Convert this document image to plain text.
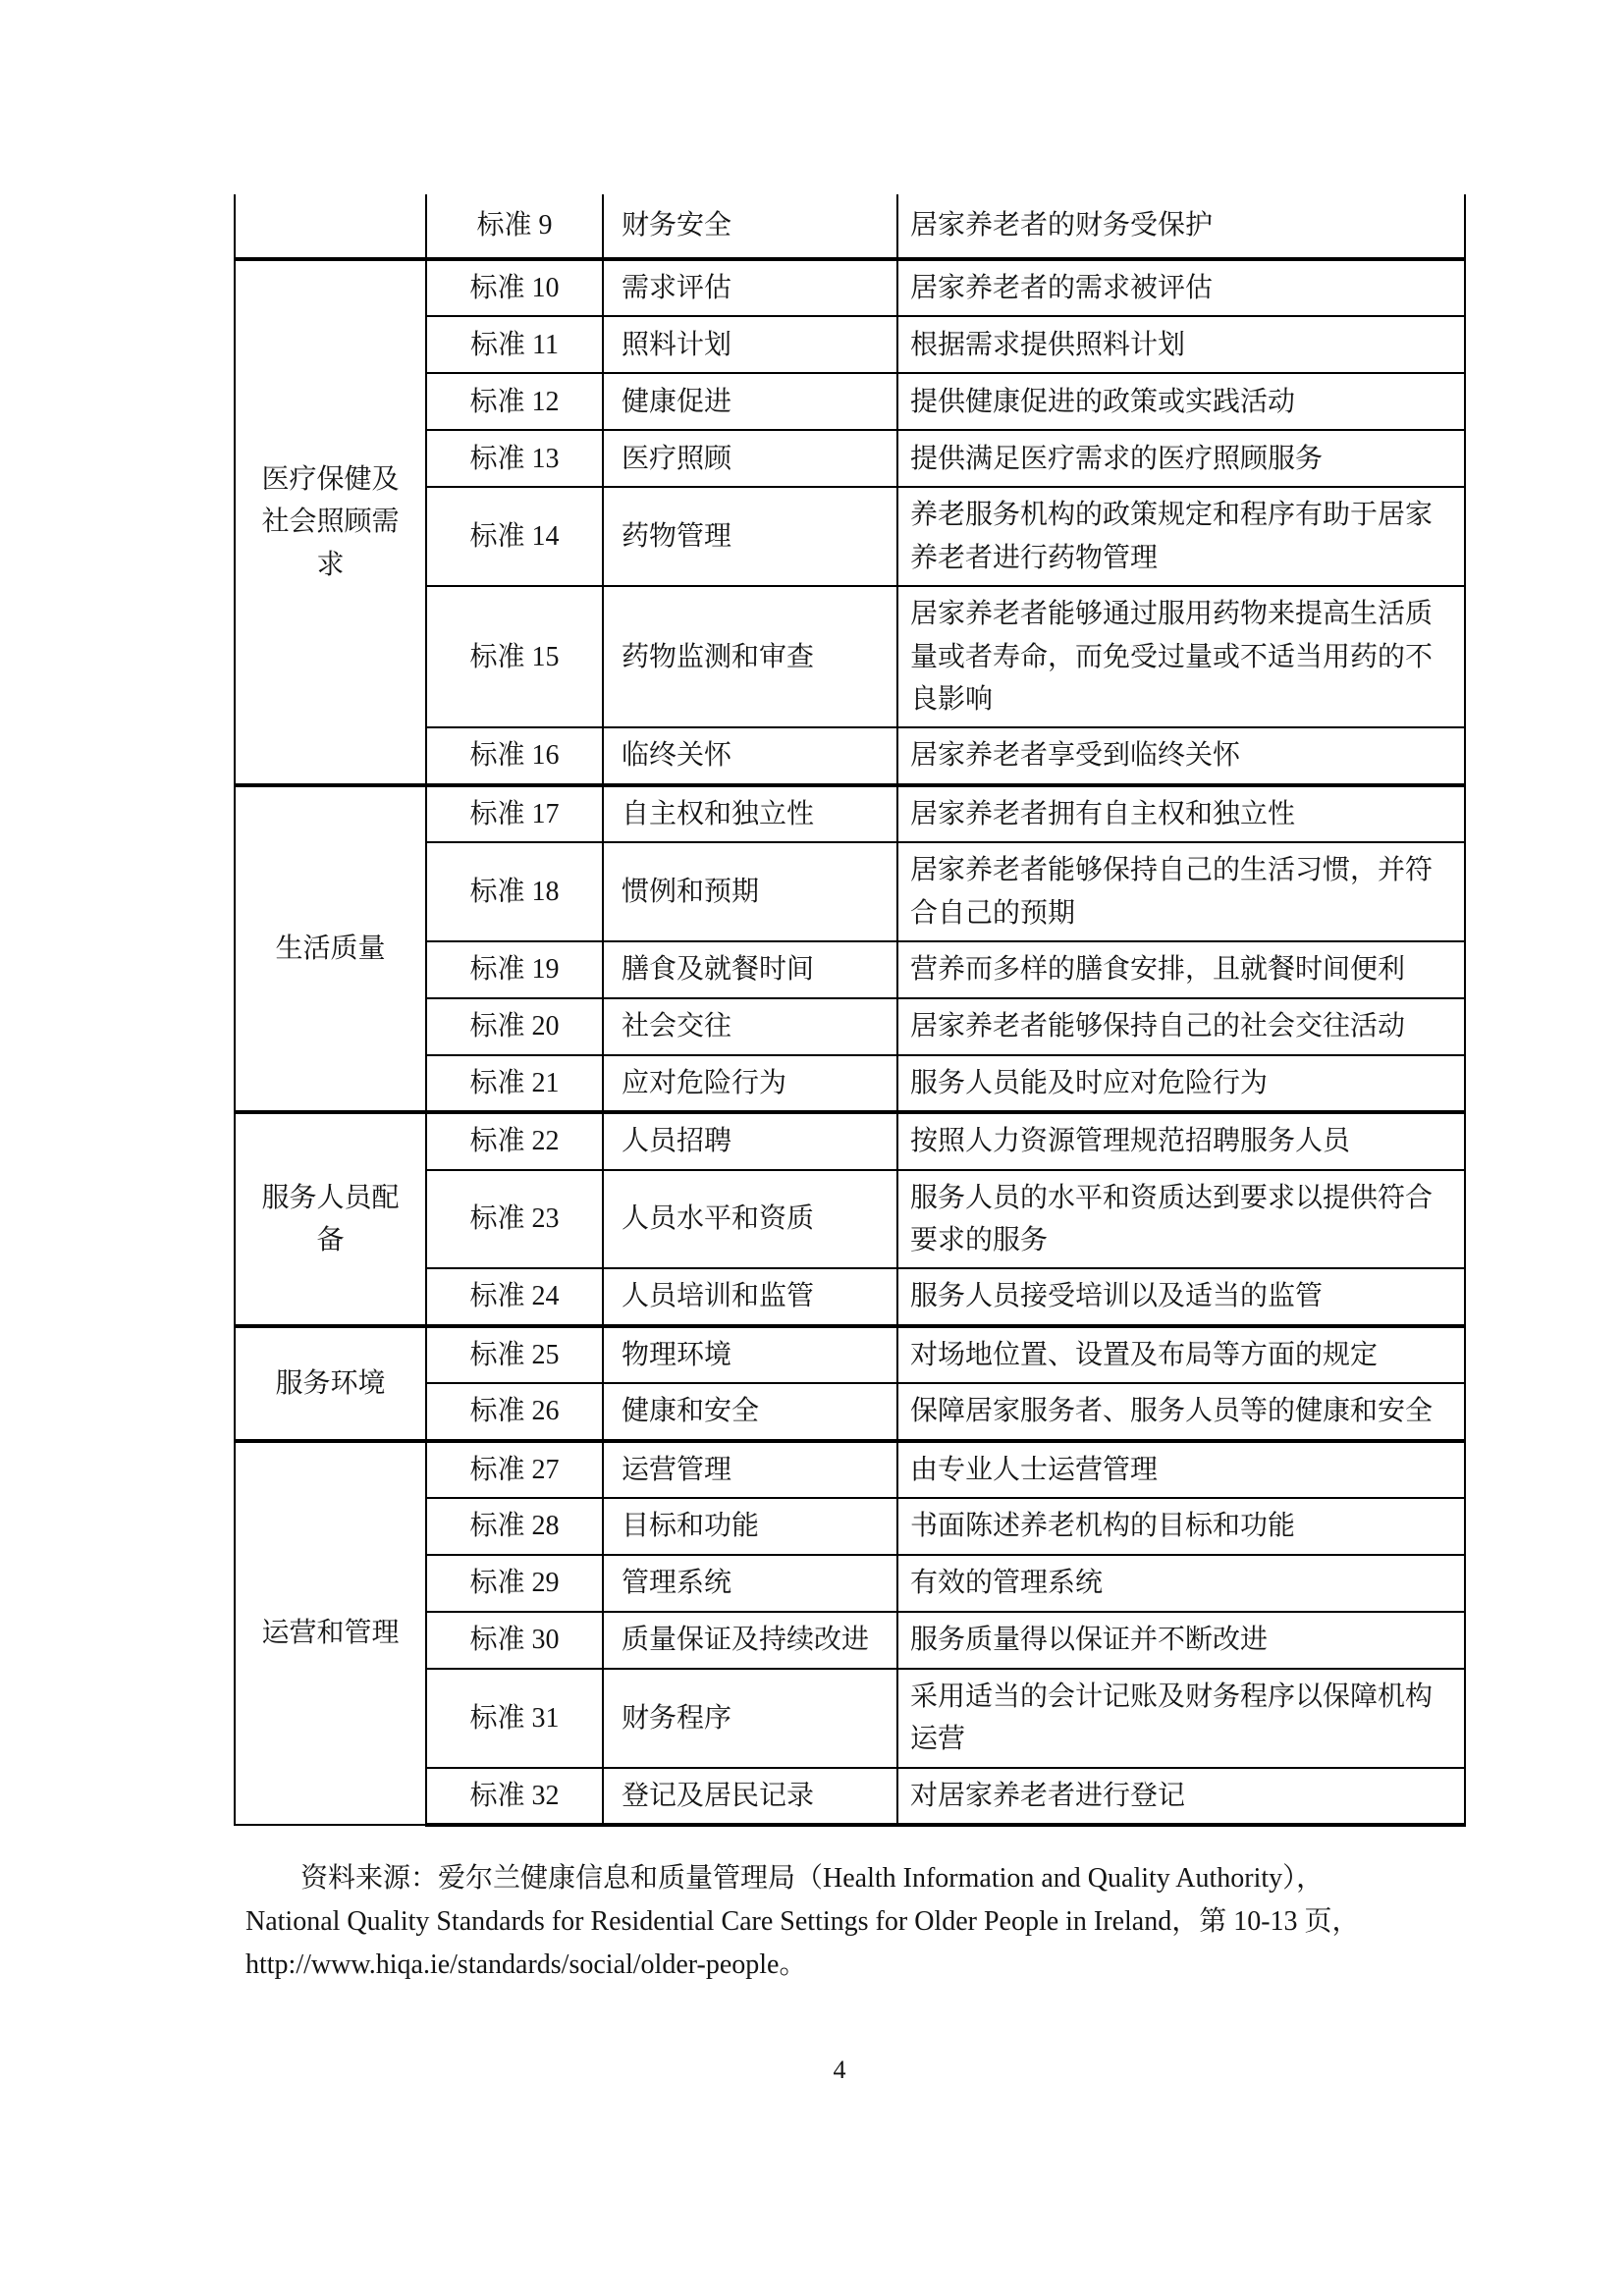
	标准 9	财务安全	居家养老者的财务受保护
医疗保健及社会照顾需求	标准 10	需求评估	居家养老者的需求被评估
	标准 11	照料计划	根据需求提供照料计划
	标准 12	健康促进	提供健康促进的政策或实践活动
	标准 13	医疗照顾	提供满足医疗需求的医疗照顾服务
	标准 14	药物管理	养老服务机构的政策规定和程序有助于居家养老者进行药物管理
	标准 15	药物监测和审查	居家养老者能够通过服用药物来提高生活质量或者寿命，而免受过量或不适当用药的不良影响
	标准 16	临终关怀	居家养老者享受到临终关怀
生活质量	标准 17	自主权和独立性	居家养老者拥有自主权和独立性
	标准 18	惯例和预期	居家养老者能够保持自己的生活习惯，并符合自己的预期
	标准 19	膳食及就餐时间	营养而多样的膳食安排，且就餐时间便利
	标准 20	社会交往	居家养老者能够保持自己的社会交往活动
	标准 21	应对危险行为	服务人员能及时应对危险行为
服务人员配备	标准 22	人员招聘	按照人力资源管理规范招聘服务人员
	标准 23	人员水平和资质	服务人员的水平和资质达到要求以提供符合要求的服务
	标准 24	人员培训和监管	服务人员接受培训以及适当的监管
服务环境	标准 25	物理环境	对场地位置、设置及布局等方面的规定
	标准 26	健康和安全	保障居家服务者、服务人员等的健康和安全
运营和管理	标准 27	运营管理	由专业人士运营管理
	标准 28	目标和功能	书面陈述养老机构的目标和功能
	标准 29	管理系统	有效的管理系统
	标准 30	质量保证及持续改进	服务质量得以保证并不断改进
	标准 31	财务程序	采用适当的会计记账及财务程序以保障机构运营
	标准 32	登记及居民记录	对居家养老者进行登记
资料来源：爱尔兰健康信息和质量管理局（Health Information and Quality Authority），
National Quality Standards for Residential Care Settings for Older People in Ireland，第 10-13 页，
http://www.hiqa.ie/standards/social/older-people。
4
